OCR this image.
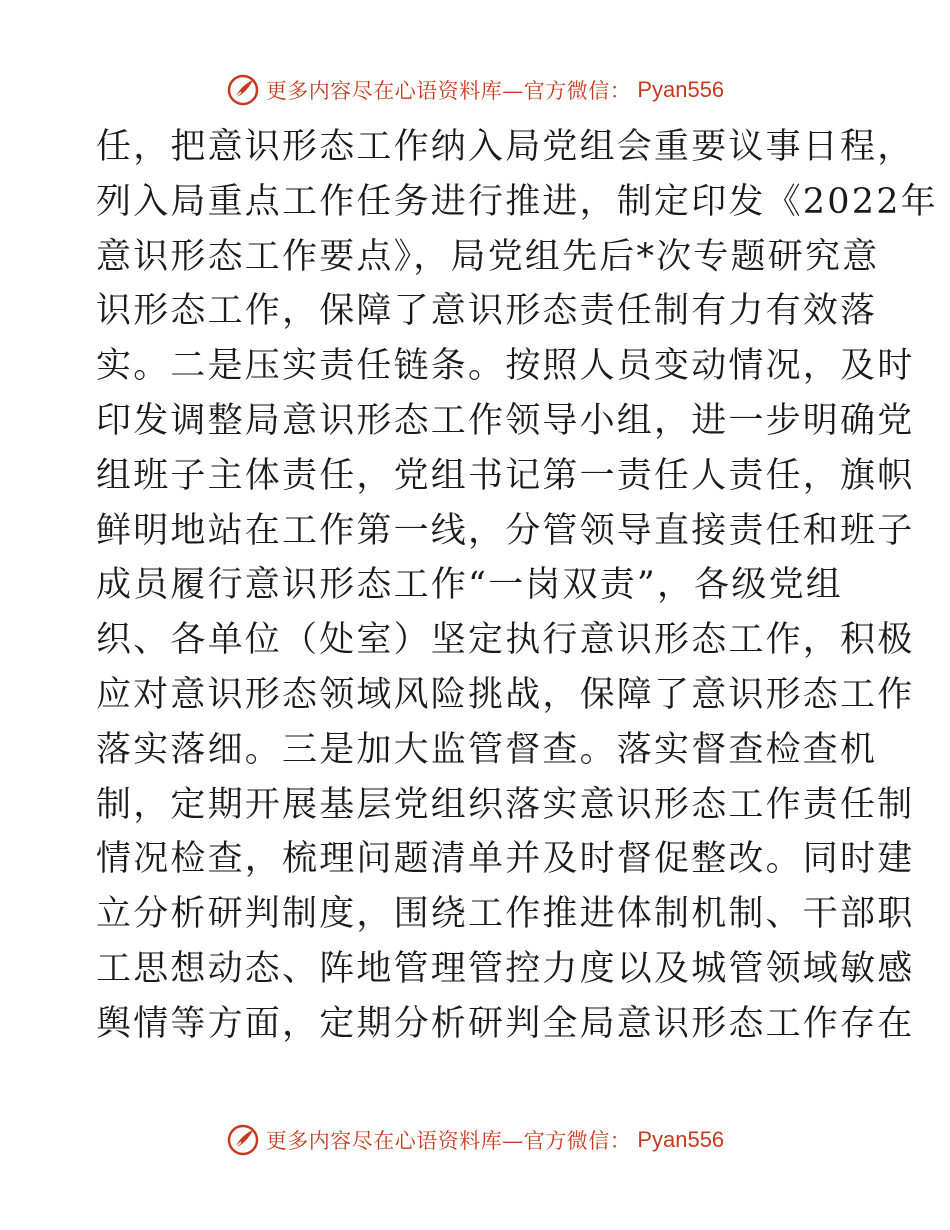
更多内容尽在心语资料库—官方微信： Pyan556
任，把意识形态工作纳入局党组会重要议事日程，
列入局重点工作任务进行推进，制定印发《2022年
意识形态工作要点》，局党组先后*次专题研究意
识形态工作，保障了意识形态责任制有力有效落
实。二是压实责任链条。按照人员变动情况，及时
印发调整局意识形态工作领导小组，进一步明确党
组班子主体责任，党组书记第一责任人责任，旗帜
鲜明地站在工作第一线，分管领导直接责任和班子
成员履行意识形态工作“一岗双责”，各级党组
织、各单位（处室）坚定执行意识形态工作，积极
应对意识形态领域风险挑战，保障了意识形态工作
落实落细。三是加大监管督查。落实督查检查机
制，定期开展基层党组织落实意识形态工作责任制
情况检查，梳理问题清单并及时督促整改。同时建
立分析研判制度，围绕工作推进体制机制、干部职
工思想动态、阵地管理管控力度以及城管领域敏感
舆情等方面，定期分析研判全局意识形态工作存在
更多内容尽在心语资料库—官方微信： Pyan556
